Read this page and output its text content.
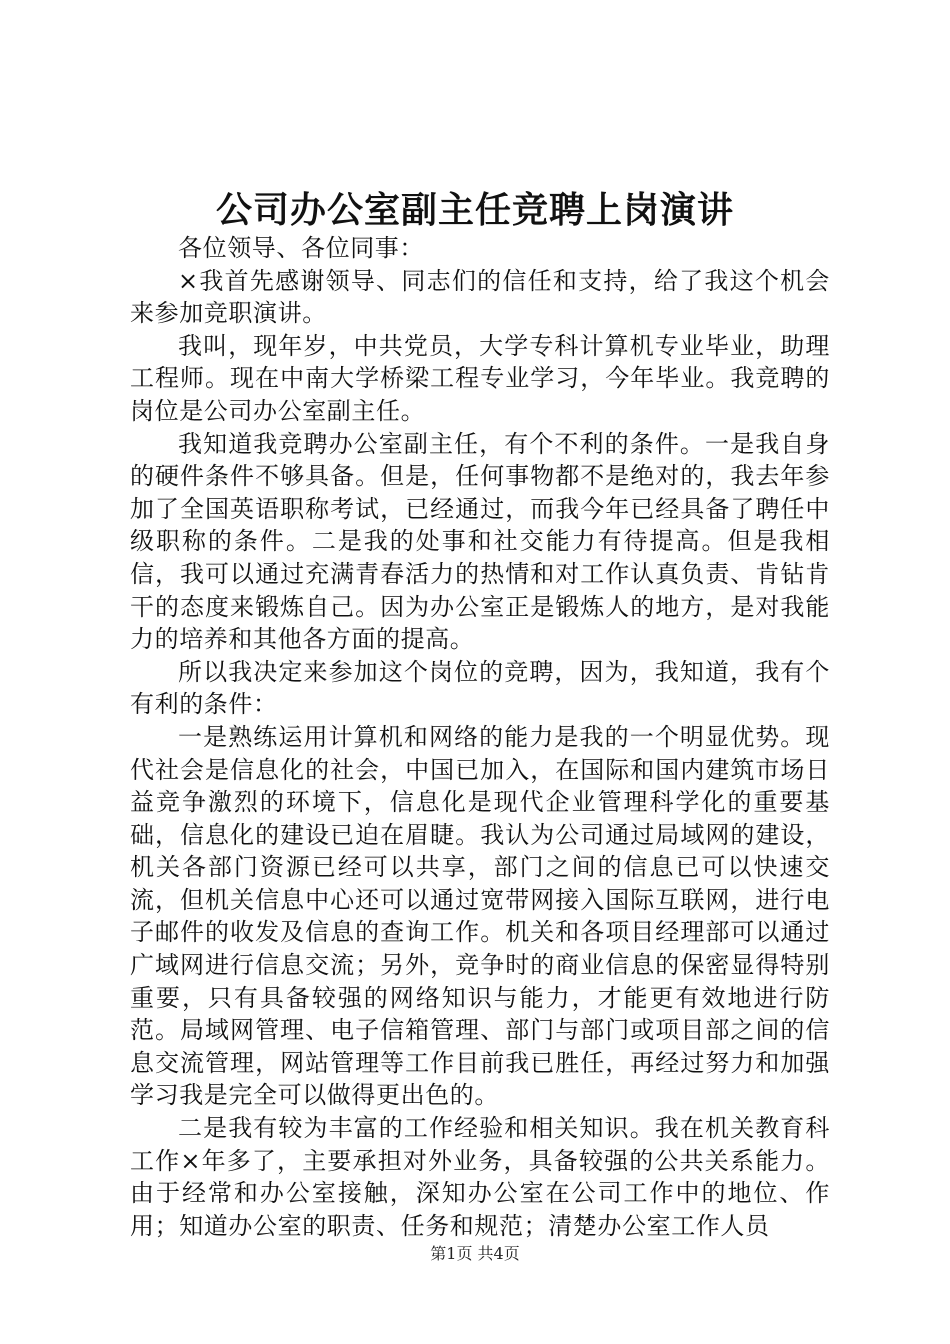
公司办公室副主任竞聘上岗演讲

各位领导、各位同事：

×我首先感谢领导、同志们的信任和支持，给了我这个机会来参加竞职演讲。

我叫，现年岁，中共党员，大学专科计算机专业毕业，助理工程师。现在中南大学桥梁工程专业学习，今年毕业。我竞聘的岗位是公司办公室副主任。

我知道我竞聘办公室副主任，有个不利的条件。一是我自身的硬件条件不够具备。但是，任何事物都不是绝对的，我去年参加了全国英语职称考试，已经通过，而我今年已经具备了聘任中级职称的条件。二是我的处事和社交能力有待提高。但是我相信，我可以通过充满青春活力的热情和对工作认真负责、肯钻肯干的态度来锻炼自己。因为办公室正是锻炼人的地方，是对我能力的培养和其他各方面的提高。

所以我决定来参加这个岗位的竞聘，因为，我知道，我有个有利的条件：

一是熟练运用计算机和网络的能力是我的一个明显优势。现代社会是信息化的社会，中国已加入，在国际和国内建筑市场日益竞争激烈的环境下，信息化是现代企业管理科学化的重要基础，信息化的建设已迫在眉睫。我认为公司通过局域网的建设，机关各部门资源已经可以共享，部门之间的信息已可以快速交流，但机关信息中心还可以通过宽带网接入国际互联网，进行电子邮件的收发及信息的查询工作。机关和各项目经理部可以通过广域网进行信息交流；另外，竞争时的商业信息的保密显得特别重要，只有具备较强的网络知识与能力，才能更有效地进行防范。局域网管理、电子信箱管理、部门与部门或项目部之间的信息交流管理，网站管理等工作目前我已胜任，再经过努力和加强学习我是完全可以做得更出色的。

二是我有较为丰富的工作经验和相关知识。我在机关教育科工作×年多了，主要承担对外业务，具备较强的公共关系能力。由于经常和办公室接触，深知办公室在公司工作中的地位、作用；知道办公室的职责、任务和规范；清楚办公室工作人员

第1页 共4页
